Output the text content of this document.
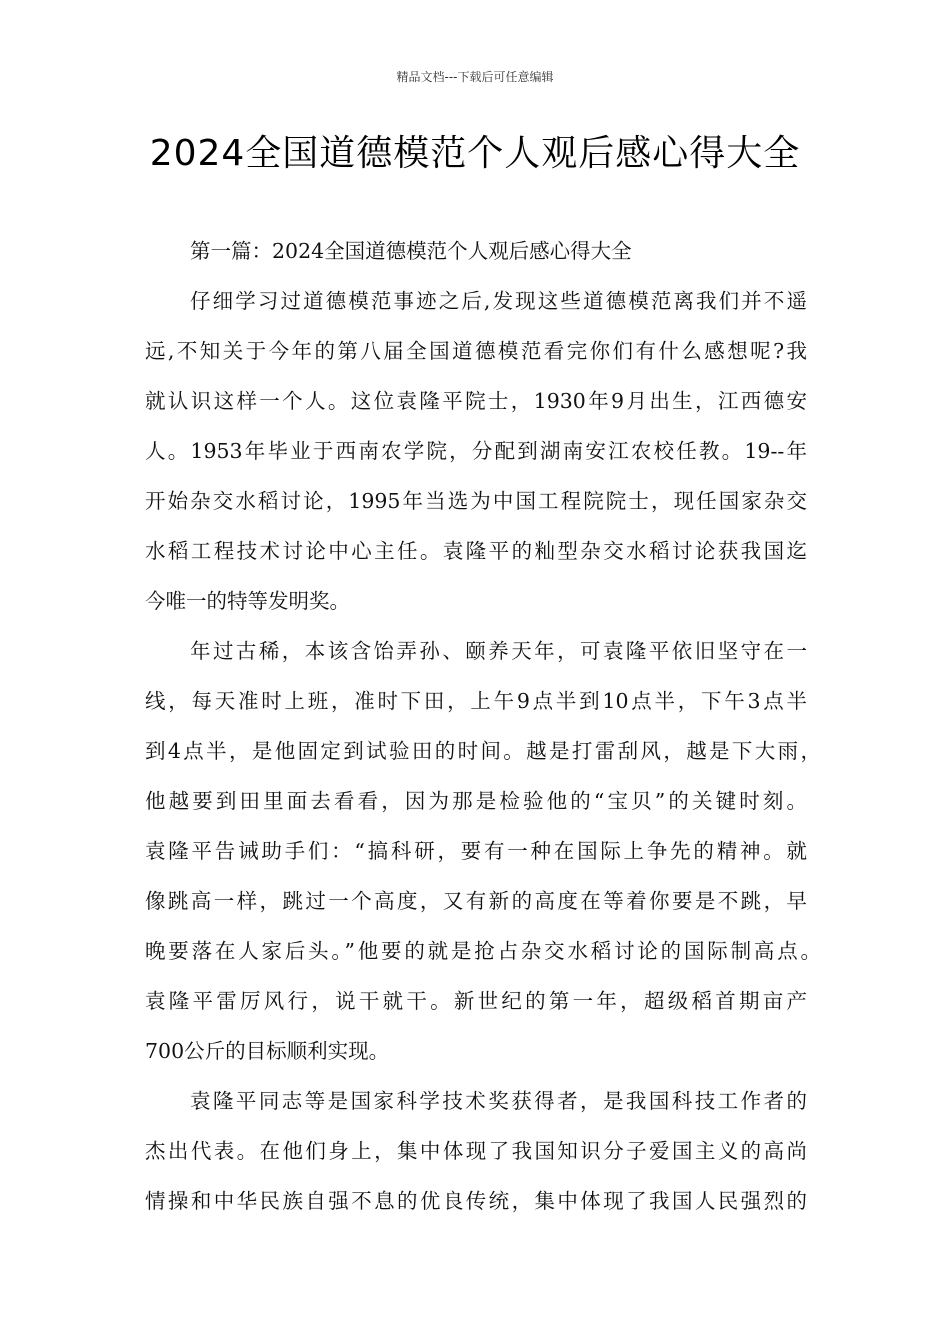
精品文档---下载后可任意编辑
2024全国道德模范个人观后感心得大全
第一篇：2024全国道德模范个人观后感心得大全
仔细学习过道德模范事迹之后,发现这些道德模范离我们并不遥
远,不知关于今年的第八届全国道德模范看完你们有什么感想呢?我
就认识这样一个人。这位袁隆平院士，1930年9月出生，江西德安
人。1953年毕业于西南农学院，分配到湖南安江农校任教。19--年
开始杂交水稻讨论，1995年当选为中国工程院院士，现任国家杂交
水稻工程技术讨论中心主任。袁隆平的籼型杂交水稻讨论获我国迄
今唯一的特等发明奖。
年过古稀，本该含饴弄孙、颐养天年，可袁隆平依旧坚守在一
线，每天准时上班，准时下田，上午9点半到10点半，下午3点半
到4点半，是他固定到试验田的时间。越是打雷刮风，越是下大雨，
他越要到田里面去看看，因为那是检验他的“宝贝”的关键时刻。
袁隆平告诫助手们：“搞科研，要有一种在国际上争先的精神。就
像跳高一样，跳过一个高度，又有新的高度在等着你要是不跳，早
晚要落在人家后头。”他要的就是抢占杂交水稻讨论的国际制高点。
袁隆平雷厉风行，说干就干。新世纪的第一年，超级稻首期亩产
700公斤的目标顺利实现。
袁隆平同志等是国家科学技术奖获得者，是我国科技工作者的
杰出代表。在他们身上，集中体现了我国知识分子爱国主义的高尚
情操和中华民族自强不息的优良传统，集中体现了我国人民强烈的
